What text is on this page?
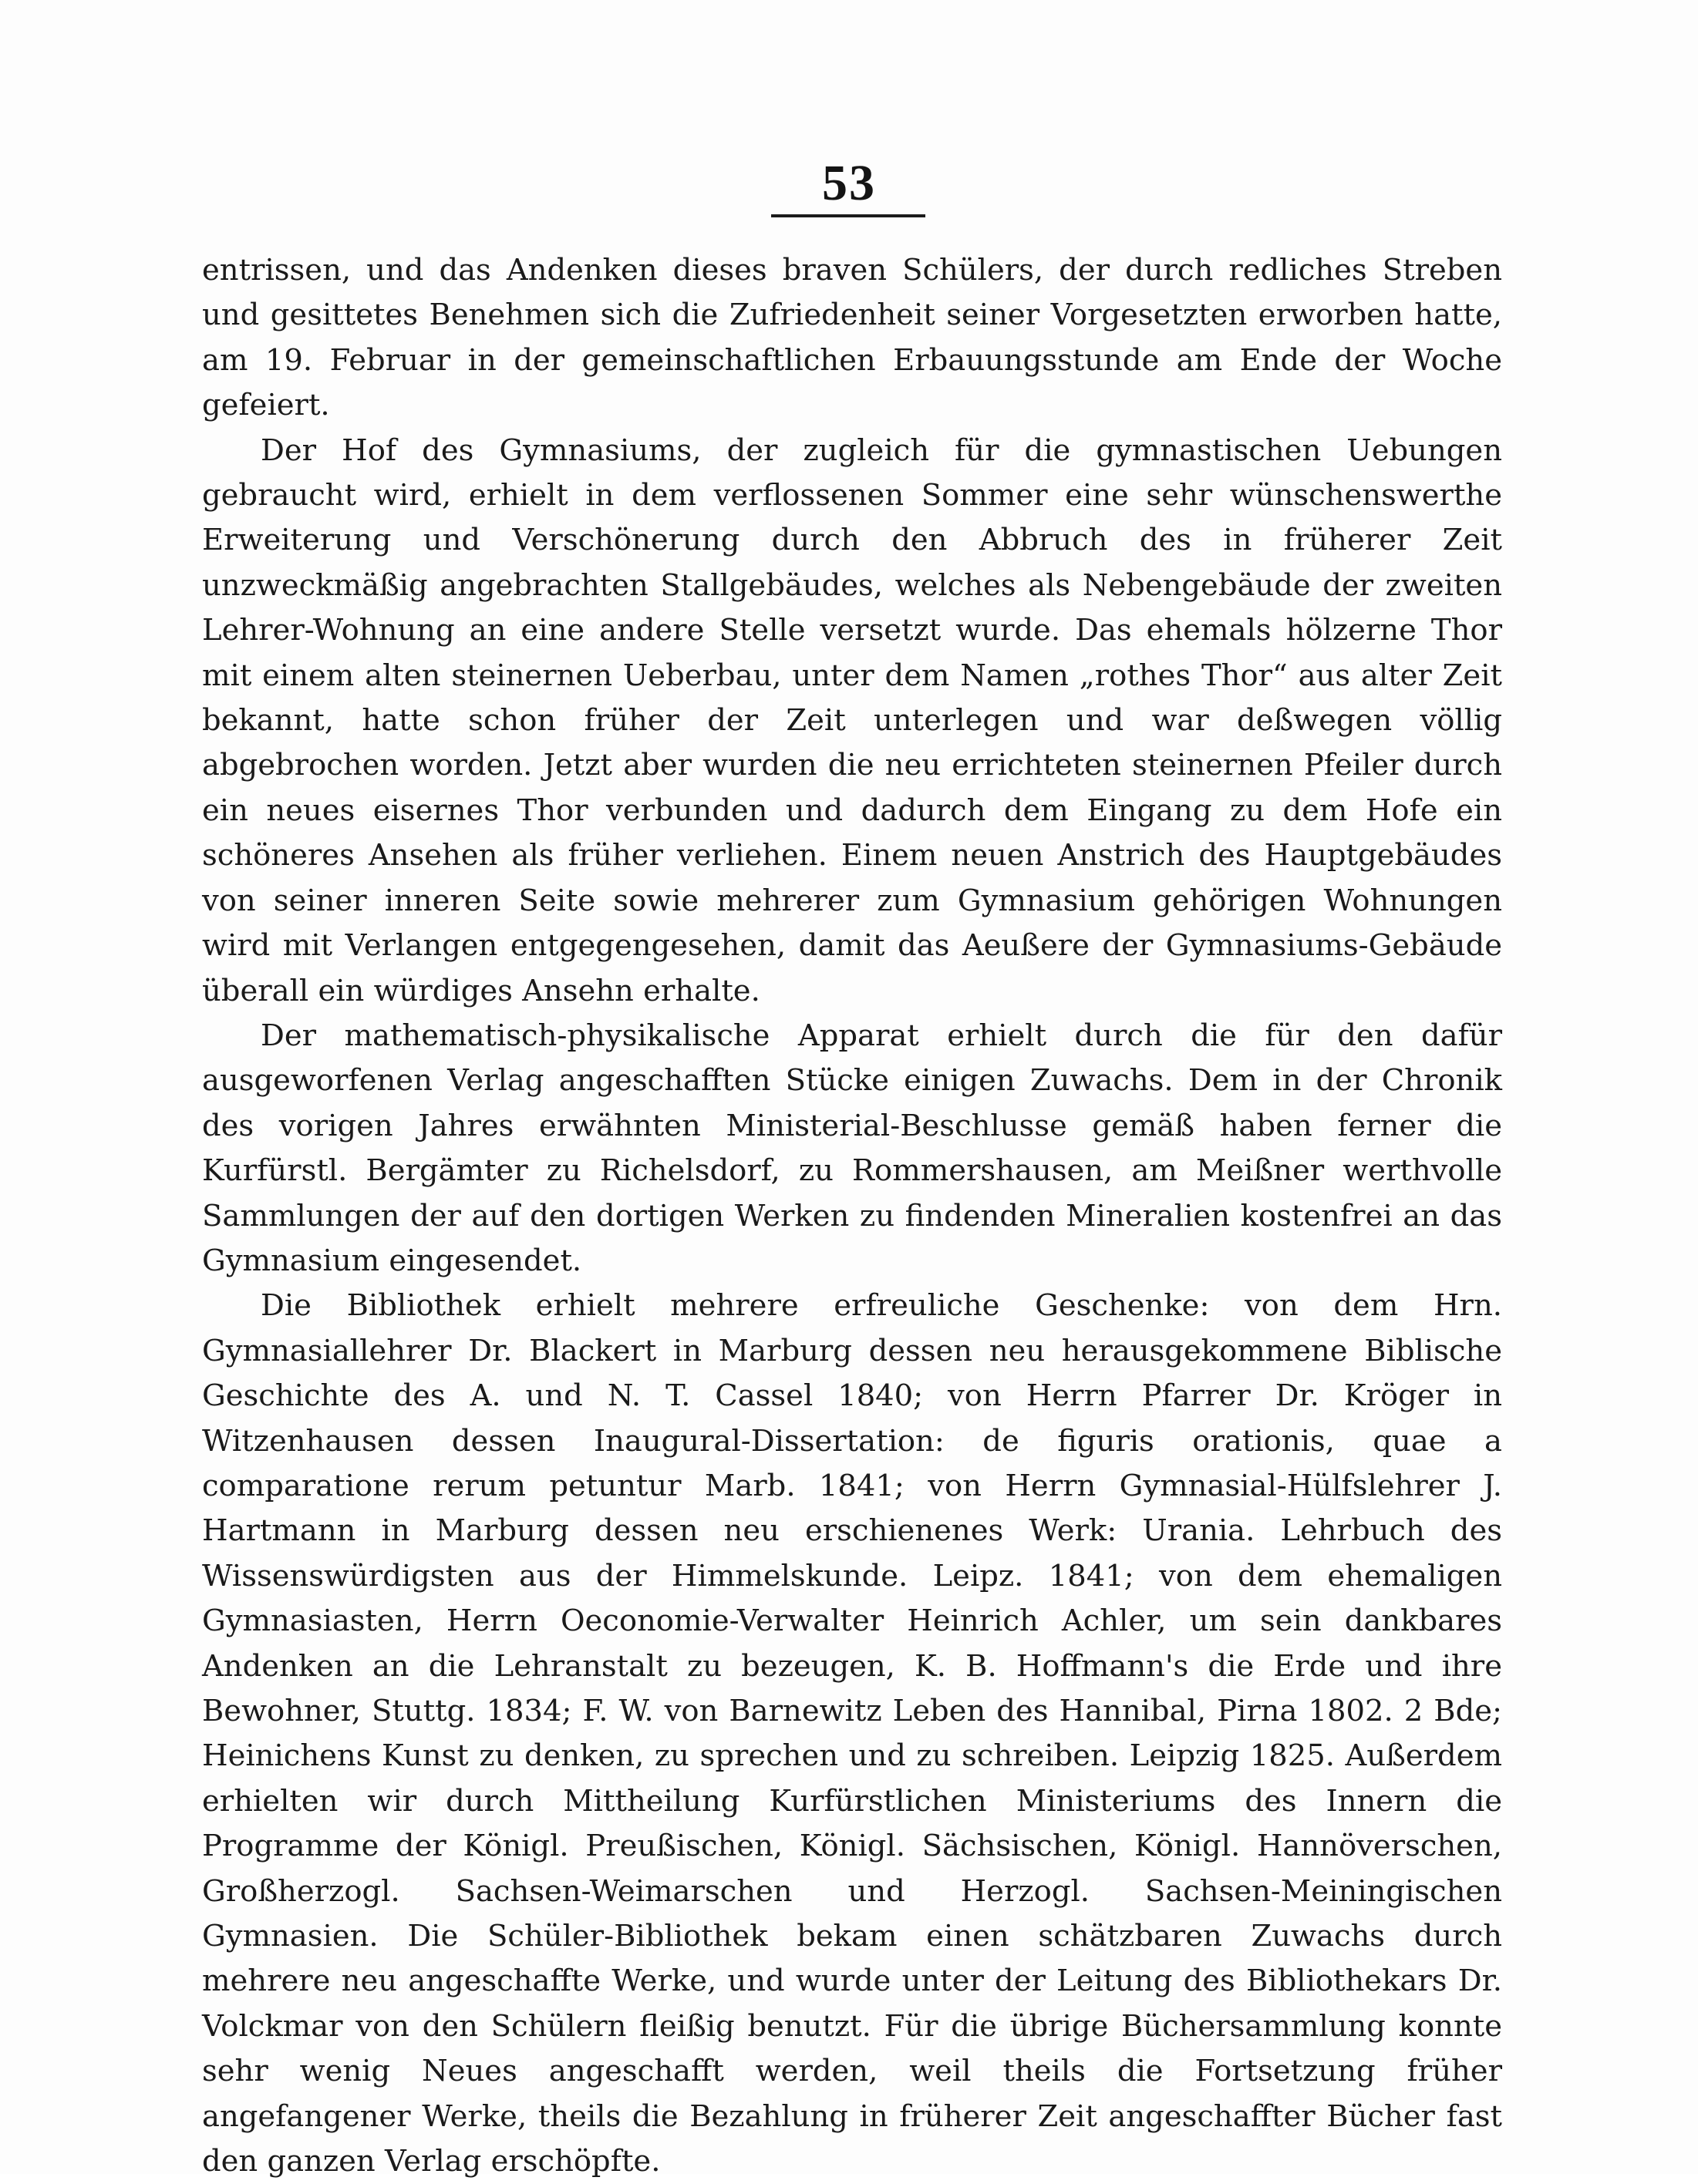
53

entrissen, und das Andenken dieses braven Schülers, der durch redliches Streben und gesittetes Benehmen sich die Zufriedenheit seiner Vorgesetzten erworben hatte, am 19. Februar in der gemeinschaftlichen Erbauungsstunde am Ende der Woche gefeiert.

Der Hof des Gymnasiums, der zugleich für die gymnastischen Uebungen gebraucht wird, erhielt in dem verflossenen Sommer eine sehr wünschenswerthe Erweiterung und Verschönerung durch den Abbruch des in früherer Zeit unzweckmäßig angebrachten Stallgebäudes, welches als Nebengebäude der zweiten Lehrer-Wohnung an eine andere Stelle versetzt wurde. Das ehemals hölzerne Thor mit einem alten steinernen Ueberbau, unter dem Namen „rothes Thor“ aus alter Zeit bekannt, hatte schon früher der Zeit unterlegen und war deßwegen völlig abgebrochen worden. Jetzt aber wurden die neu errichteten steinernen Pfeiler durch ein neues eisernes Thor verbunden und dadurch dem Eingang zu dem Hofe ein schöneres Ansehen als früher verliehen. Einem neuen Anstrich des Hauptgebäudes von seiner inneren Seite sowie mehrerer zum Gymnasium gehörigen Wohnungen wird mit Verlangen entgegengesehen, damit das Aeußere der Gymnasiums-Gebäude überall ein würdiges Ansehn erhalte.

Der mathematisch-physikalische Apparat erhielt durch die für den dafür ausgeworfenen Verlag angeschafften Stücke einigen Zuwachs. Dem in der Chronik des vorigen Jahres erwähnten Ministerial-Beschlusse gemäß haben ferner die Kurfürstl. Bergämter zu Richelsdorf, zu Rommershausen, am Meißner werthvolle Sammlungen der auf den dortigen Werken zu findenden Mineralien kostenfrei an das Gymnasium eingesendet.

Die Bibliothek erhielt mehrere erfreuliche Geschenke: von dem Hrn. Gymnasiallehrer Dr. Blackert in Marburg dessen neu herausgekommene Biblische Geschichte des A. und N. T. Cassel 1840; von Herrn Pfarrer Dr. Kröger in Witzenhausen dessen Inaugural-Dissertation: de figuris orationis, quae a comparatione rerum petuntur Marb. 1841; von Herrn Gymnasial-Hülfslehrer J. Hartmann in Marburg dessen neu erschienenes Werk: Urania. Lehrbuch des Wissenswürdigsten aus der Himmelskunde. Leipz. 1841; von dem ehemaligen Gymnasiasten, Herrn Oeconomie-Verwalter Heinrich Achler, um sein dankbares Andenken an die Lehranstalt zu bezeugen, K. B. Hoffmann's die Erde und ihre Bewohner, Stuttg. 1834; F. W. von Barnewitz Leben des Hannibal, Pirna 1802. 2 Bde; Heinichens Kunst zu denken, zu sprechen und zu schreiben. Leipzig 1825. Außerdem erhielten wir durch Mittheilung Kurfürstlichen Ministeriums des Innern die Programme der Königl. Preußischen, Königl. Sächsischen, Königl. Hannöverschen, Großherzogl. Sachsen-Weimarschen und Herzogl. Sachsen-Meiningischen Gymnasien. Die Schüler-Bibliothek bekam einen schätzbaren Zuwachs durch mehrere neu angeschaffte Werke, und wurde unter der Leitung des Bibliothekars Dr. Volckmar von den Schülern fleißig benutzt. Für die übrige Büchersammlung konnte sehr wenig Neues angeschafft werden, weil theils die Fortsetzung früher angefangener Werke, theils die Bezahlung in früherer Zeit angeschaffter Bücher fast den ganzen Verlag erschöpfte.
